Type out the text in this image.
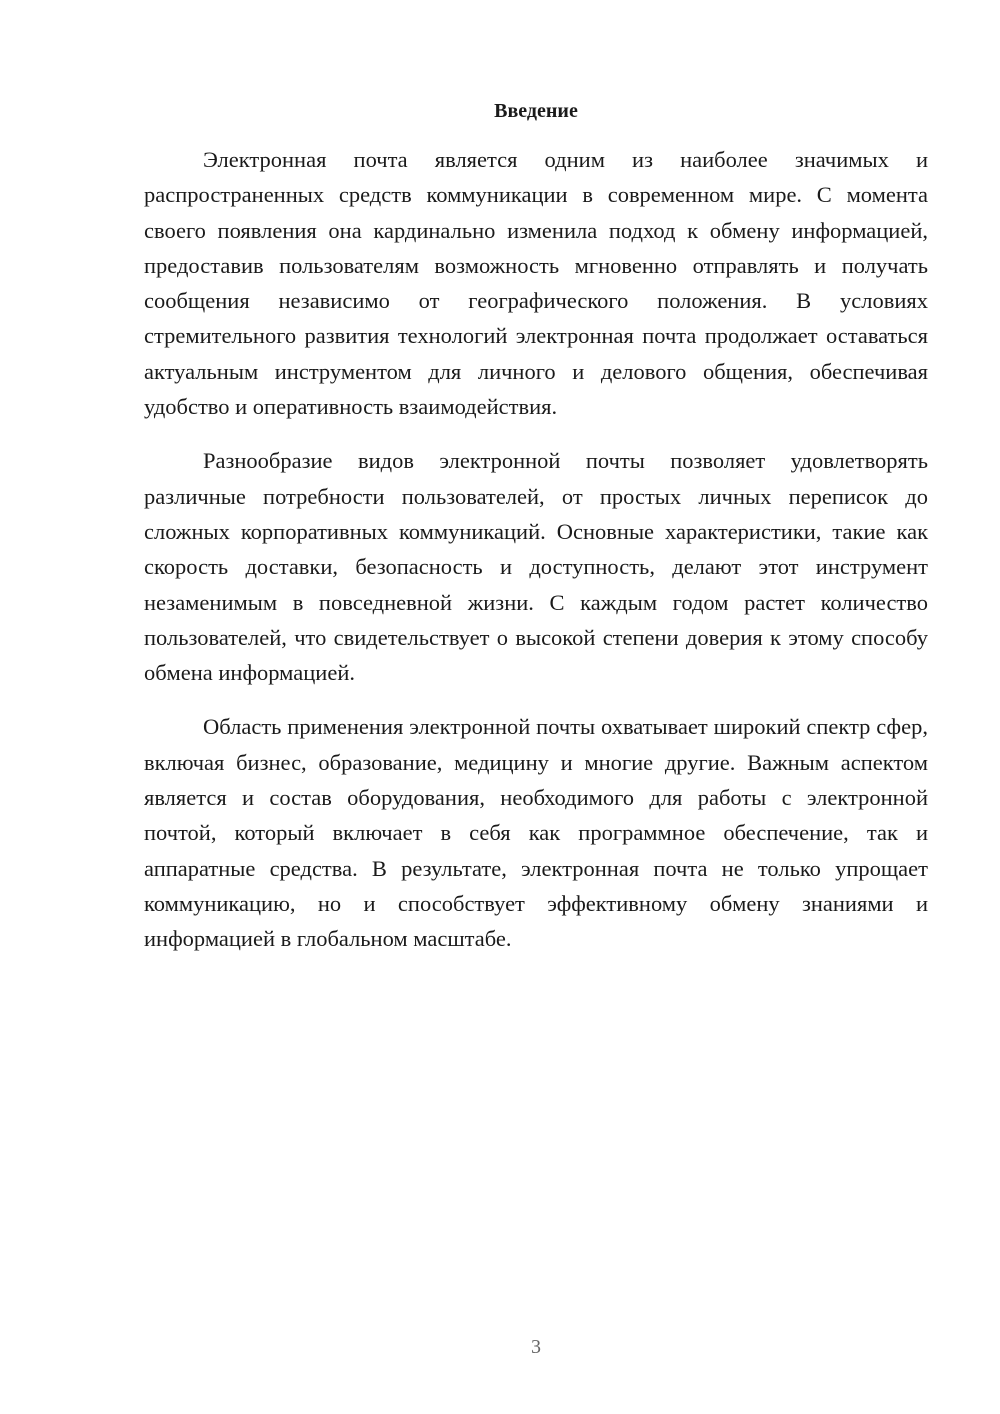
Введение

Электронная почта является одним из наиболее значимых и распространенных средств коммуникации в современном мире. С момента своего появления она кардинально изменила подход к обмену информацией, предоставив пользователям возможность мгновенно отправлять и получать сообщения независимо от географического положения. В условиях стремительного развития технологий электронная почта продолжает оставаться актуальным инструментом для личного и делового общения, обеспечивая удобство и оперативность взаимодействия.

Разнообразие видов электронной почты позволяет удовлетворять различные потребности пользователей, от простых личных переписок до сложных корпоративных коммуникаций. Основные характеристики, такие как скорость доставки, безопасность и доступность, делают этот инструмент незаменимым в повседневной жизни. С каждым годом растет количество пользователей, что свидетельствует о высокой степени доверия к этому способу обмена информацией.

Область применения электронной почты охватывает широкий спектр сфер, включая бизнес, образование, медицину и многие другие. Важным аспектом является и состав оборудования, необходимого для работы с электронной почтой, который включает в себя как программное обеспечение, так и аппаратные средства. В результате, электронная почта не только упрощает коммуникацию, но и способствует эффективному обмену знаниями и информацией в глобальном масштабе.

3
